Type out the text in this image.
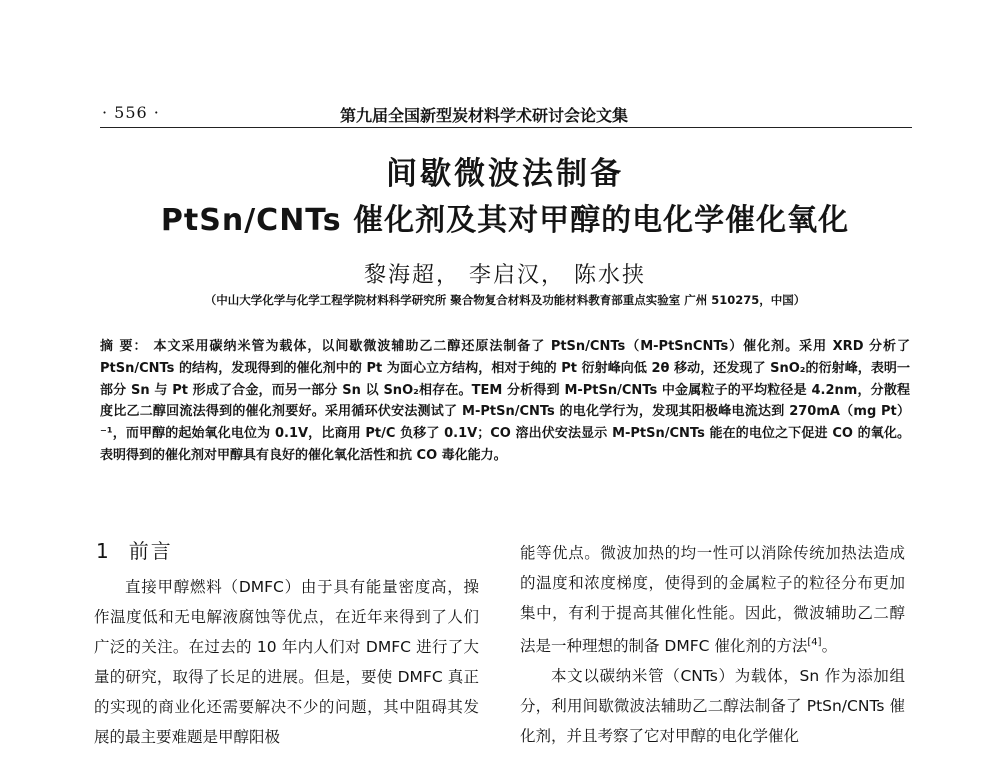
· 556 ·	第九届全国新型炭材料学术研讨会论文集
间歇微波法制备
PtSn/CNTs 催化剂及其对甲醇的电化学催化氧化
黎海超， 李启汉， 陈水挟
（中山大学化学与化学工程学院材料科学研究所 聚合物复合材料及功能材料教育部重点实验室 广州 510275，中国）
摘 要： 本文采用碳纳米管为载体，以间歇微波辅助乙二醇还原法制备了 PtSn/CNTs（M-PtSnCNTs）催化剂。采用 XRD 分析了 PtSn/CNTs 的结构，发现得到的催化剂中的 Pt 为面心立方结构，相对于纯的 Pt 衍射峰向低 2θ 移动，还发现了 SnO₂的衍射峰，表明一部分 Sn 与 Pt 形成了合金，而另一部分 Sn 以 SnO₂相存在。TEM 分析得到 M-PtSn/CNTs 中金属粒子的平均粒径是 4.2nm，分散程度比乙二醇回流法得到的催化剂要好。采用循环伏安法测试了 M-PtSn/CNTs 的电化学行为，发现其阳极峰电流达到 270mA（mg Pt）⁻¹，而甲醇的起始氧化电位为 0.1V，比商用 Pt/C 负移了 0.1V；CO 溶出伏安法显示 M-PtSn/CNTs 能在的电位之下促进 CO 的氧化。表明得到的催化剂对甲醇具有良好的催化氧化活性和抗 CO 毒化能力。
1 前言

直接甲醇燃料（DMFC）由于具有能量密度高，操作温度低和无电解液腐蚀等优点，在近年来得到了人们广泛的关注。在过去的 10 年内人们对 DMFC 进行了大量的研究，取得了长足的进展。但是，要使 DMFC 真正的实现的商业化还需要解决不少的问题，其中阻碍其发展的最主要难题是甲醇阳极

能等优点。微波加热的均一性可以消除传统加热法造成的温度和浓度梯度，使得到的金属粒子的粒径分布更加集中，有利于提高其催化性能。因此，微波辅助乙二醇法是一种理想的制备 DMFC 催化剂的方法[4]。

本文以碳纳米管（CNTs）为载体，Sn 作为添加组分，利用间歇微波法辅助乙二醇法制备了 PtSn/CNTs 催化剂，并且考察了它对甲醇的电化学催化
